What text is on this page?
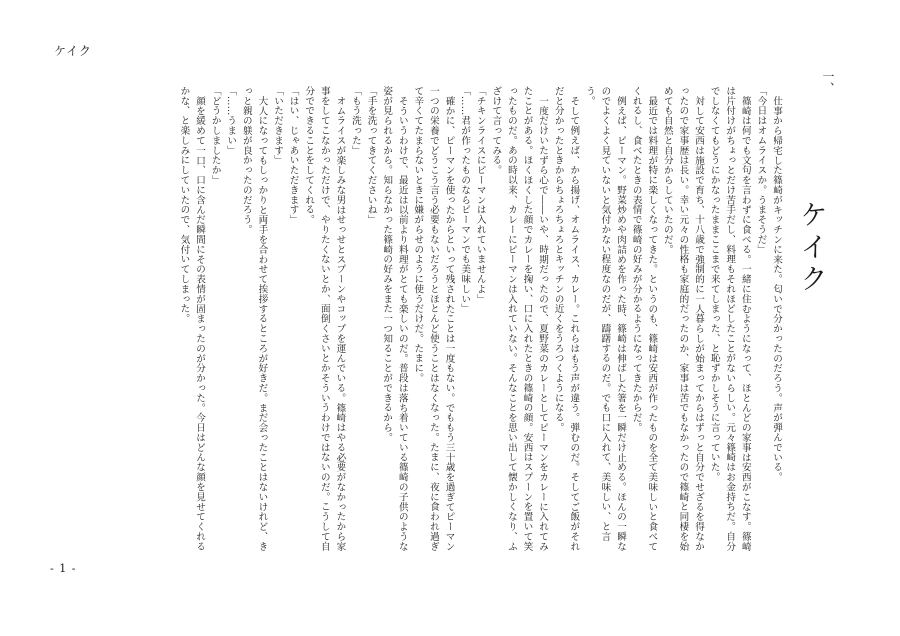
ケイク
一、
ケイク

仕事から帰宅した篠崎がキッチンに来た。匂いで分かったのだろう。声が弾んでいる。

「今日はオムライスか。うまそうだ」

篠崎は何でも文句を言わずに食べる。一緒に住むようになって、ほとんどの家事は安西がこなす。篠崎は片付けがちょっとだけ苦手だし、料理もそれほどしたことがないらしい。元々篠崎はお金持ちだ。自分でしなくてもどうにかなったままここまで来てしまった、と恥ずかしそうに言っていた。

対して安西は施設で育ち、十八歳で強制的に一人暮らしが始まってからはずっと自分でせざるを得なかったので家事歴は長い。幸い元々の性格も家庭的だったのか、家事は苦でもなかったので篠崎と同棲を始めても自然と自分からしていたのだ。

最近では料理が特に楽しくなってきた。というのも、篠崎は安西が作ったものを全て美味しいと食べてくれるし、食べたときの表情で篠崎の好みが分かるようになってきたからだ。

例えば、ピーマン。野菜炒めや肉詰めを作った時、篠崎は伸ばした箸を一瞬だけ止める。ほんの一瞬なのでよくよく見ていないと気付かない程度なのだが、躊躇するのだ。でも口に入れて、美味しい、と言う。

そして例えば、から揚げ、オムライス、カレー。これらはもう声が違う。弾むのだ。そしてご飯がそれだと分かったときからちょろちょろとキッチンの近くをうろつくようになる。

一度だけいたずら心で――いや、時期だったので、夏野菜のカレーとしてピーマンをカレーに入れてみたことがある。ほくほくした顔でカレーを掬い、口に入れたときの篠崎の顔。安西はスプーンを置いて笑ったものだ。あの時以来、カレーにピーマンは入れていない。そんなことを思い出して懐かしくなり、ふざけて言ってみる。

「チキンライスにピーマンは入れていませんよ」

「……君が作ったものならピーマンでも美味しい」

確かに、ピーマンを使ったからといって残されたことは一度もない。でももう三十歳を過ぎてピーマン一つの栄養でどうこう言う必要もないだろうとほとんど使うことはなくなった。たまに、夜に食われ過ぎて辛くてたまらないときに嫌がらせのように使うだけだ。たまに。

そういうわけで、最近は以前より料理がとても楽しいのだ。普段は落ち着いている篠崎の子供のような姿が見られるから。知らなかった篠崎の好みをまた一つ知ることができるから。

「手を洗ってきてくださいね」

「もう洗った」

オムライスが楽しみな男はせっせとスプーンやコップを運んでいる。篠崎はやる必要がなかったから家事をしてこなかっただけで、やりたくないとか、面倒くさいとかそういうわけではないのだ。こうして自分でできることをしてくれる。

「はい、じゃあいただきます」

「いただきます」

大人になってもしっかりと両手を合わせて挨拶するところが好きだ。まだ会ったことはないけれど、きっと親の躾が良かったのだろう。

「……うまい」

「どうかしましたか」

顔を緩めて一口、口に含んだ瞬間にその表情が固まったのが分かった。今日はどんな顔を見せてくれるかな、と楽しみにしていたので、気付いてしまった。

- 1 -
